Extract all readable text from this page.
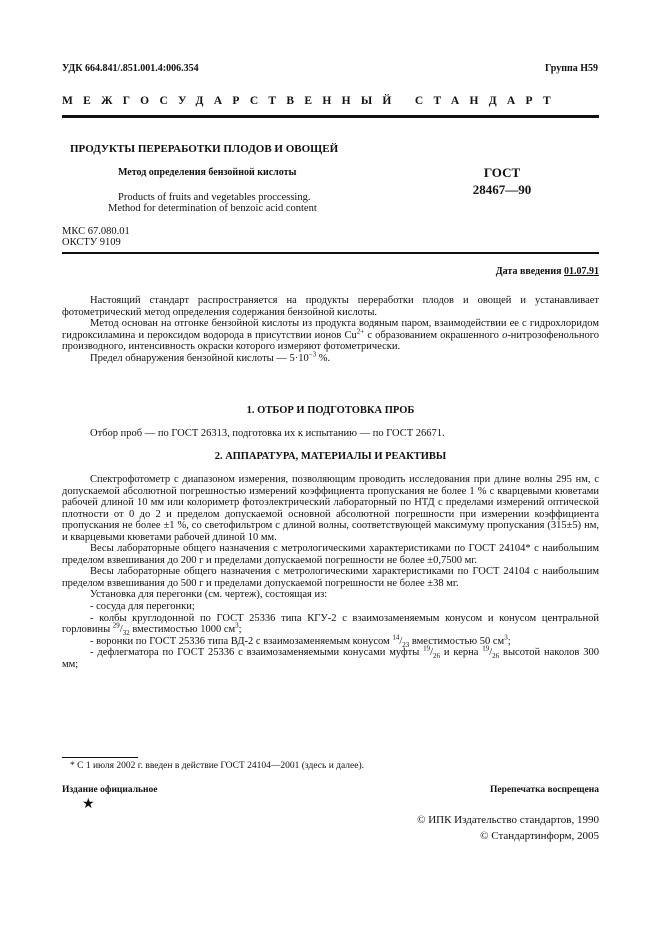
УДК 664.841/.851.001.4:006.354	Группа Н59
МЕЖГОСУДАРСТВЕННЫЙ СТАНДАРТ
ПРОДУКТЫ ПЕРЕРАБОТКИ ПЛОДОВ И ОВОЩЕЙ
Метод определения бензойной кислоты
Products of fruits and vegetables proccessing.
Method for determination of benzoic acid content
ГОСТ
28467—90
МКС 67.080.01
ОКСТУ 9109
Дата введения 01.07.91

Настоящий стандарт распространяется на продукты переработки плодов и овощей и устанавливает фотометрический метод определения содержания бензойной кислоты.

Метод основан на отгонке бензойной кислоты из продукта водяным паром, взаимодействии ее с гидрохлоридом гидроксиламина и пероксидом водорода в присутствии ионов $Cu^{2+}$ с образованием окрашенного о-нитрозофенольного производного, интенсивность окраски которого измеряют фотометрически.

Предел обнаружения бензойной кислоты — $5\cdot 10^{-3}$ %.

1. ОТБОР И ПОДГОТОВКА ПРОБ

Отбор проб — по ГОСТ 26313, подготовка их к испытанию — по ГОСТ 26671.

2. АППАРАТУРА, МАТЕРИАЛЫ И РЕАКТИВЫ

Спектрофотометр с диапазоном измерения, позволяющим проводить исследования при длине волны 295 нм, с допускаемой абсолютной погрешностью измерений коэффициента пропускания не более 1 % с кварцевыми кюветами рабочей длиной 10 мм или колориметр фотоэлектрический лабораторный по НТД с пределами измерений оптической плотности от 0 до 2 и пределом допускаемой основной абсолютной погрешности при измерении коэффициента пропускания не более ±1 %, со светофильтром с длиной волны, соответствующей максимуму пропускания (315±5) нм, и кварцевыми кюветами рабочей длиной 10 мм.

Весы лабораторные общего назначения с метрологическими характеристиками по ГОСТ 24104* с наибольшим пределом взвешивания до 200 г и пределами допускаемой погрешности не более ±0,7500 мг.

Весы лабораторные общего назначения с метрологическими характеристиками по ГОСТ 24104 с наибольшим пределом взвешивания до 500 г и пределами допускаемой погрешности не более ±38 мг.

Установка для перегонки (см. чертеж), состоящая из:

- сосуда для перегонки;

- колбы круглодонной по ГОСТ 25336 типа КГУ-2 с взаимозаменяемым конусом и конусом центральной горловины $^{29}/_{32}$ вместимостью 1000 $см^3$;

- воронки по ГОСТ 25336 типа ВД-2 с взаимозаменяемым конусом $^{14}/_{23}$ вместимостью 50 $см^3$;

- дефлегматора по ГОСТ 25336 с взаимозаменяемыми конусами муфты $^{19}/_{26}$ и керна $^{19}/_{26}$ высотой наколов 300 мм;

* С 1 июля 2002 г. введен в действие ГОСТ 24104—2001 (здесь и далее).
Издание официальное	Перепечатка воспрещена
★
© ИПК Издательство стандартов, 1990
© Стандартинформ, 2005
